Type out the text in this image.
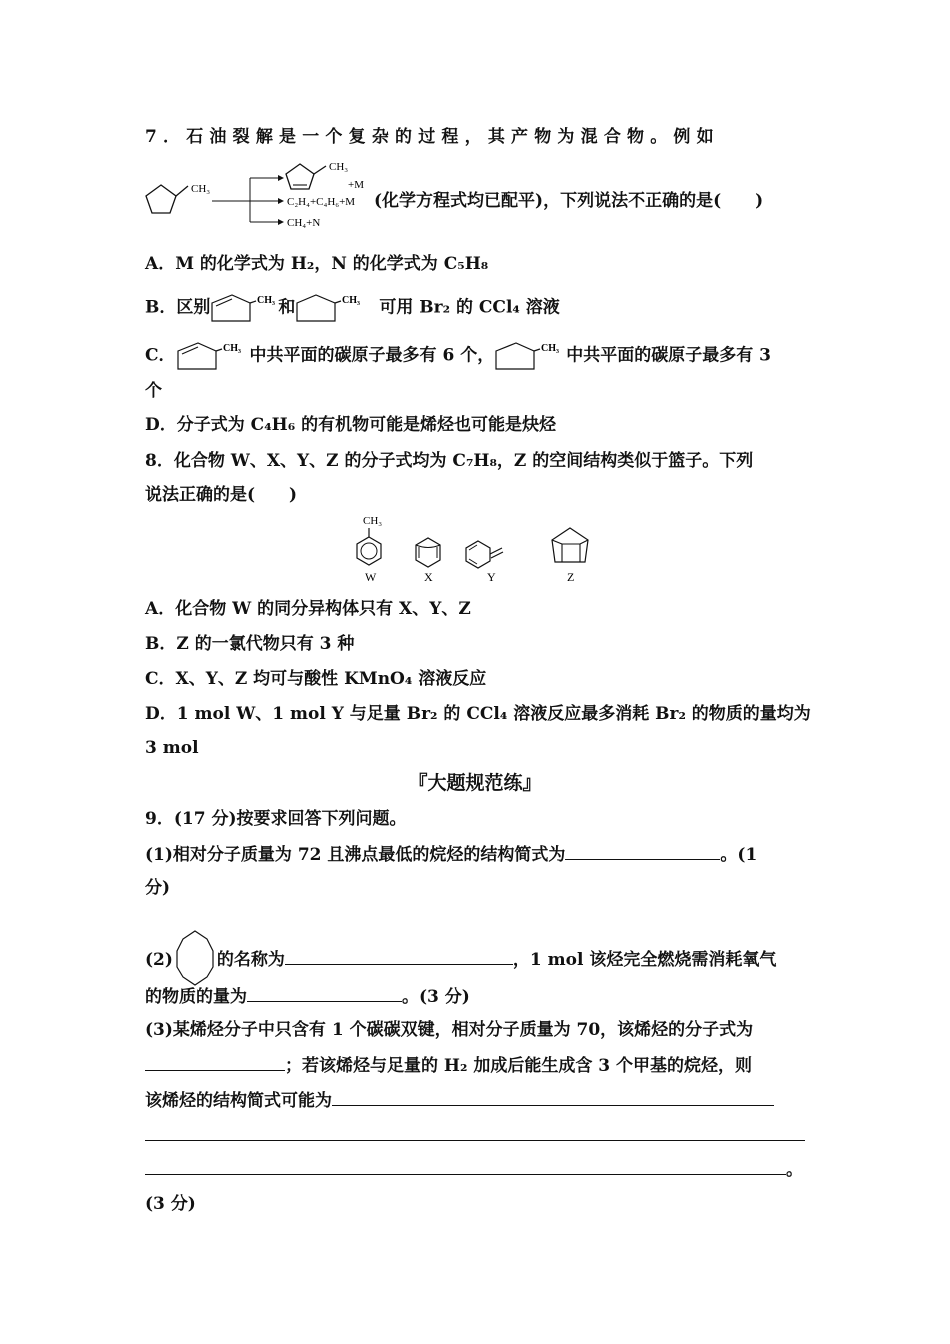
7．石油裂解是一个复杂的过程，其产物为混合物。例如
CH₃
CH₃
+M
C₂H₄+C₄H₆+M
CH₄+N
(化学方程式均已配平)，下列说法不正确的是(　　)
A．M 的化学式为 H₂，N 的化学式为 C₅H₈
B．区别	CH₃ 和	CH₃ 可用 Br₂ 的 CCl₄ 溶液
C．	CH₃ 中共平面的碳原子最多有 6 个，	CH₃ 中共平面的碳原子最多有 3
个
D．分子式为 C₄H₆ 的有机物可能是烯烃也可能是炔烃
8．化合物 W、X、Y、Z 的分子式均为 C₇H₈，Z 的空间结构类似于篮子。下列
说法正确的是(　　)
CH₃
W	X	Y	Z
A．化合物 W 的同分异构体只有 X、Y、Z
B．Z 的一氯代物只有 3 种
C．X、Y、Z 均可与酸性 KMnO₄ 溶液反应
D．1 mol W、1 mol Y 与足量 Br₂ 的 CCl₄ 溶液反应最多消耗 Br₂ 的物质的量均为
3 mol
『大题规范练』
9．(17 分)按要求回答下列问题。
(1)相对分子质量为 72 且沸点最低的烷烃的结构简式为	。(1
分)
(2)	的名称为	，1 mol 该烃完全燃烧需消耗氧气
的物质的量为	。(3 分)
(3)某烯烃分子中只含有 1 个碳碳双键，相对分子质量为 70，该烯烃的分子式为
；若该烯烃与足量的 H₂ 加成后能生成含 3 个甲基的烷烃，则
该烯烃的结构简式可能为
。
(3 分)
